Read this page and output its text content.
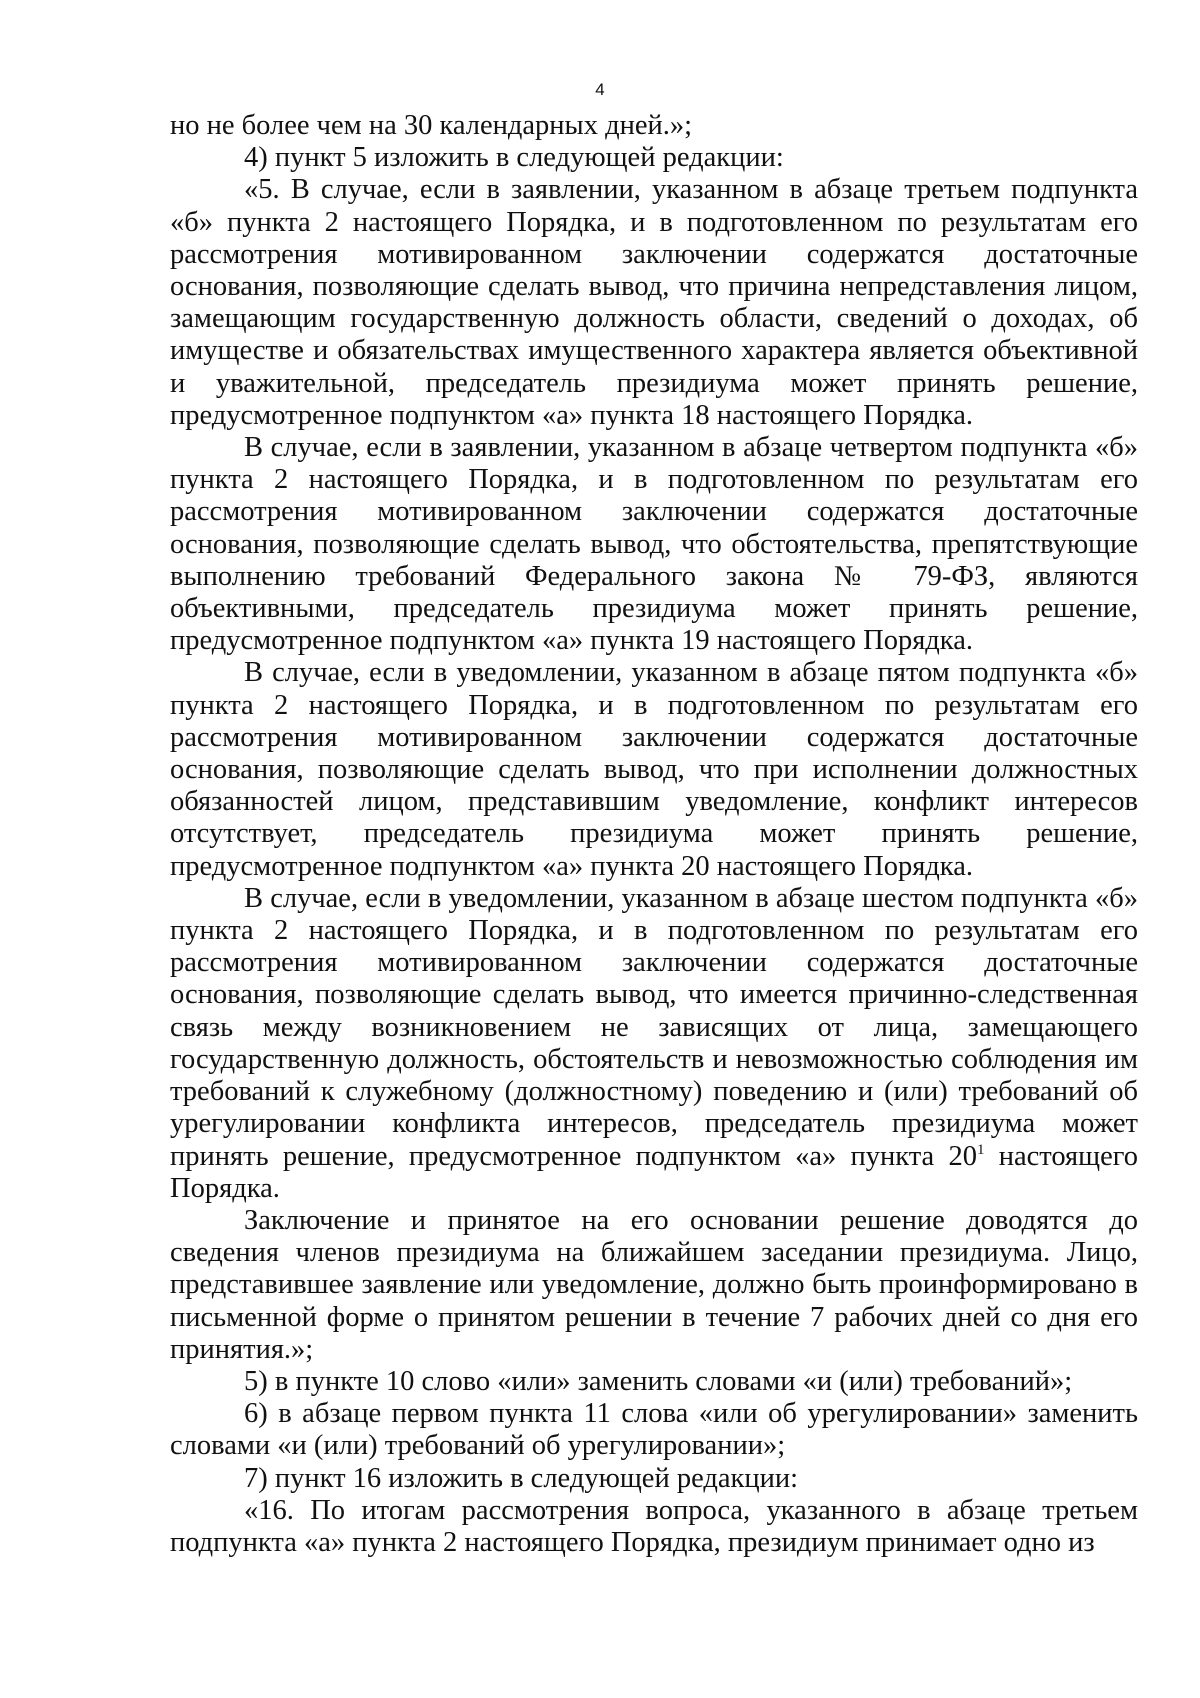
4

но не более чем на 30 календарных дней.»;

4) пункт 5 изложить в следующей редакции:

«5. В случае, если в заявлении, указанном в абзаце третьем подпункта «б» пункта 2 настоящего Порядка, и в подготовленном по результатам его рассмотрения мотивированном заключении содержатся достаточные основания, позволяющие сделать вывод, что причина непредставления лицом, замещающим государственную должность области, сведений о доходах, об имуществе и обязательствах имущественного характера является объективной и уважительной, председатель президиума может принять решение, предусмотренное подпунктом «а» пункта 18 настоящего Порядка.

В случае, если в заявлении, указанном в абзаце четвертом подпункта «б» пункта 2 настоящего Порядка, и в подготовленном по результатам его рассмотрения мотивированном заключении содержатся достаточные основания, позволяющие сделать вывод, что обстоятельства, препятствующие выполнению требований Федерального закона № 79-ФЗ, являются объективными, председатель президиума может принять решение, предусмотренное подпунктом «а» пункта 19 настоящего Порядка.

В случае, если в уведомлении, указанном в абзаце пятом подпункта «б» пункта 2 настоящего Порядка, и в подготовленном по результатам его рассмотрения мотивированном заключении содержатся достаточные основания, позволяющие сделать вывод, что при исполнении должностных обязанностей лицом, представившим уведомление, конфликт интересов отсутствует, председатель президиума может принять решение, предусмотренное подпунктом «а» пункта 20 настоящего Порядка.

В случае, если в уведомлении, указанном в абзаце шестом подпункта «б» пункта 2 настоящего Порядка, и в подготовленном по результатам его рассмотрения мотивированном заключении содержатся достаточные основания, позволяющие сделать вывод, что имеется причинно-следственная связь между возникновением не зависящих от лица, замещающего государственную должность, обстоятельств и невозможностью соблюдения им требований к служебному (должностному) поведению и (или) требований об урегулировании конфликта интересов, председатель президиума может принять решение, предусмотренное подпунктом «а» пункта $20^1$ настоящего Порядка.

Заключение и принятое на его основании решение доводятся до сведения членов президиума на ближайшем заседании президиума. Лицо, представившее заявление или уведомление, должно быть проинформировано в письменной форме о принятом решении в течение 7 рабочих дней со дня его принятия.»;

5) в пункте 10 слово «или» заменить словами «и (или) требований»;

6) в абзаце первом пункта 11 слова «или об урегулировании» заменить словами «и (или) требований об урегулировании»;

7) пункт 16 изложить в следующей редакции:

«16. По итогам рассмотрения вопроса, указанного в абзаце третьем подпункта «а» пункта 2 настоящего Порядка, президиум принимает одно из
